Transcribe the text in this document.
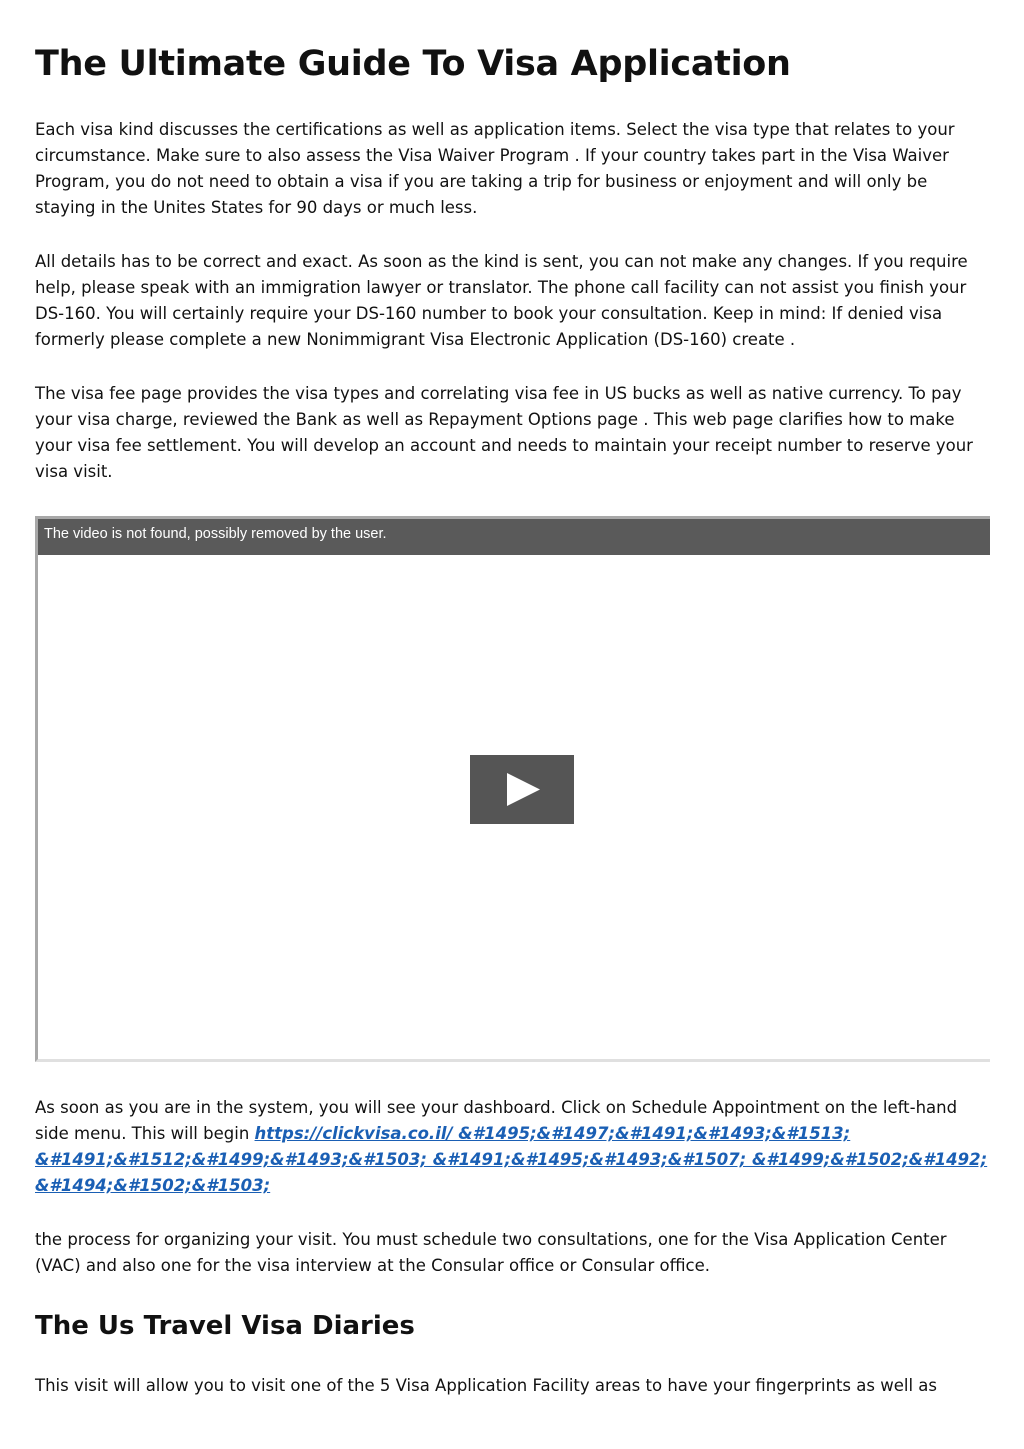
The Ultimate Guide To Visa Application

Each visa kind discusses the certifications as well as application items. Select the visa type that relates to your circumstance. Make sure to also assess the Visa Waiver Program . If your country takes part in the Visa Waiver Program, you do not need to obtain a visa if you are taking a trip for business or enjoyment and will only be staying in the Unites States for 90 days or much less.

All details has to be correct and exact. As soon as the kind is sent, you can not make any changes. If you require help, please speak with an immigration lawyer or translator. The phone call facility can not assist you finish your DS-160. You will certainly require your DS-160 number to book your consultation. Keep in mind: If denied visa formerly please complete a new Nonimmigrant Visa Electronic Application (DS-160) create .

The visa fee page provides the visa types and correlating visa fee in US bucks as well as native currency. To pay your visa charge, reviewed the Bank as well as Repayment Options page . This web page clarifies how to make your visa fee settlement. You will develop an account and needs to maintain your receipt number to reserve your visa visit.

The video is not found, possibly removed by the user.

As soon as you are in the system, you will see your dashboard. Click on Schedule Appointment on the left-hand side menu. This will begin https://clickvisa.co.il/ &#1495;&#1497;&#1491;&#1493;&#1513; &#1491;&#1512;&#1499;&#1493;&#1503; &#1491;&#1495;&#1493;&#1507; &#1499;&#1502;&#1492; &#1494;&#1502;&#1503;

the process for organizing your visit. You must schedule two consultations, one for the Visa Application Center (VAC) and also one for the visa interview at the Consular office or Consular office.

The Us Travel Visa Diaries

This visit will allow you to visit one of the 5 Visa Application Facility areas to have your fingerprints as well as
